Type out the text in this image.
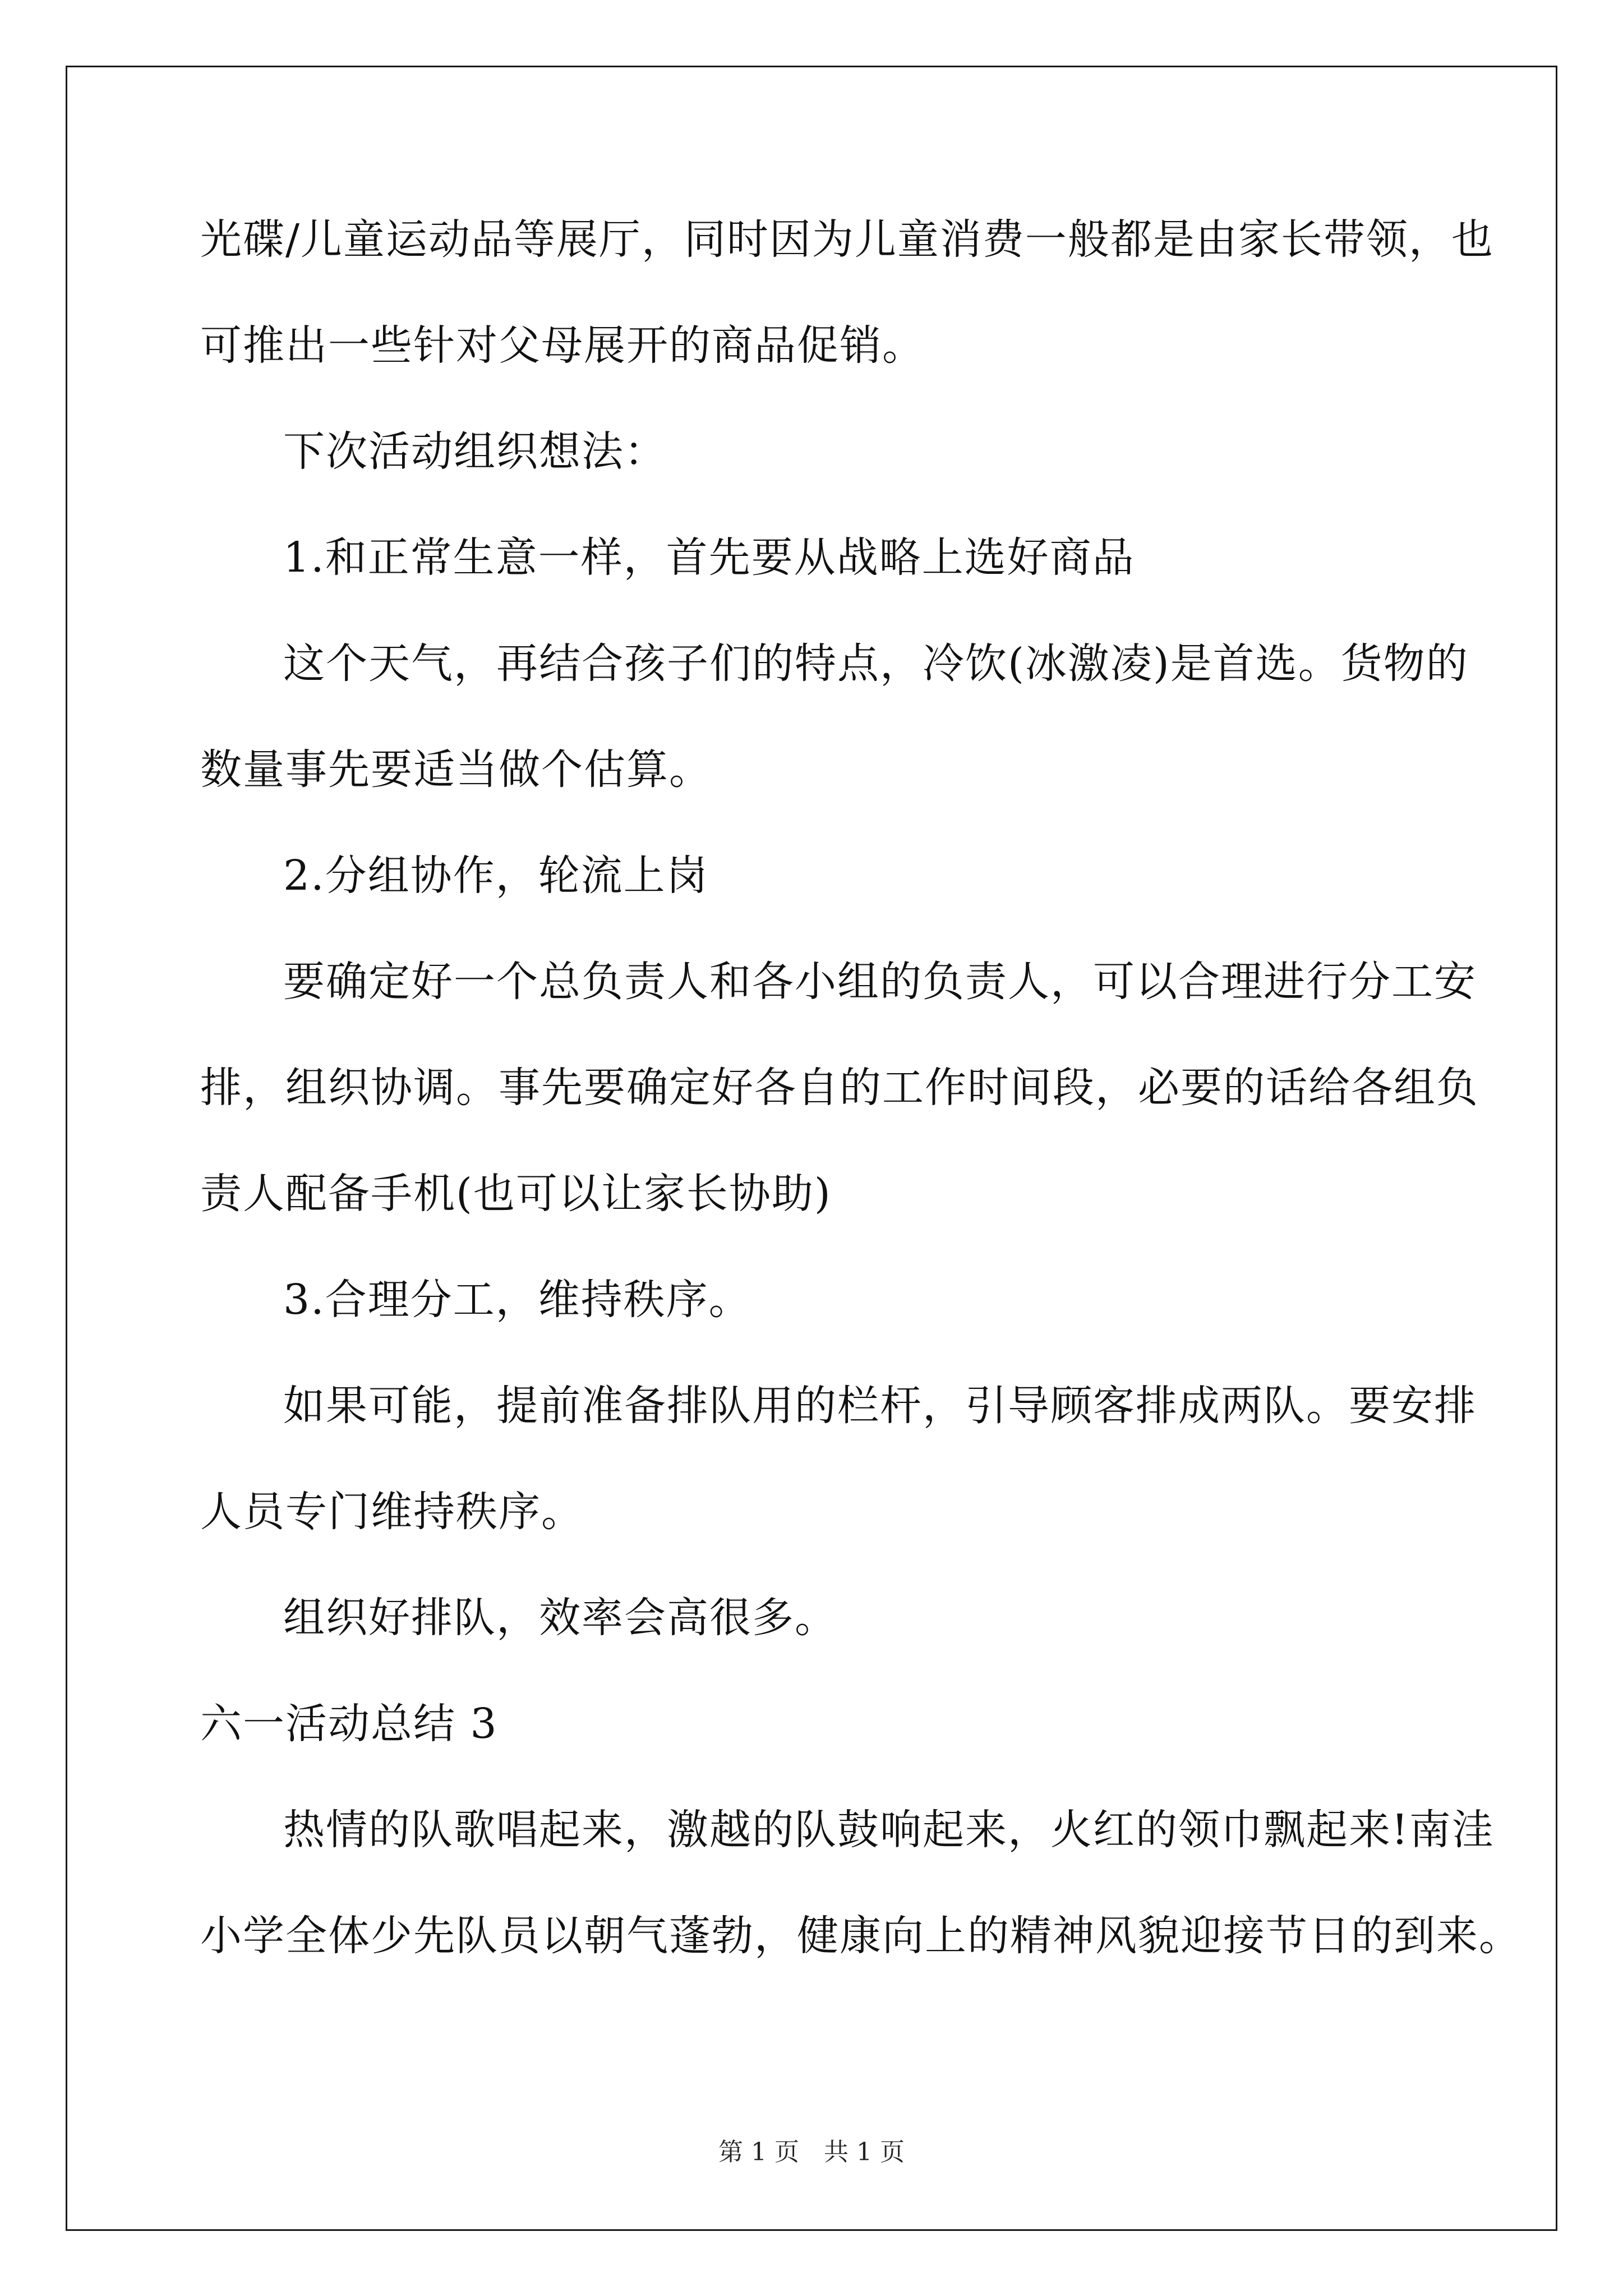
光碟/儿童运动品等展厅，同时因为儿童消费一般都是由家长带领，也
可推出一些针对父母展开的商品促销。
下次活动组织想法：
1.和正常生意一样，首先要从战略上选好商品
这个天气，再结合孩子们的特点，冷饮(冰激凌)是首选。货物的
数量事先要适当做个估算。
2.分组协作，轮流上岗
要确定好一个总负责人和各小组的负责人，可以合理进行分工安
排，组织协调。事先要确定好各自的工作时间段，必要的话给各组负
责人配备手机(也可以让家长协助)
3.合理分工，维持秩序。
如果可能，提前准备排队用的栏杆，引导顾客排成两队。要安排
人员专门维持秩序。
组织好排队，效率会高很多。
六一活动总结 3
热情的队歌唱起来，激越的队鼓响起来，火红的领巾飘起来!南洼
小学全体少先队员以朝气蓬勃，健康向上的精神风貌迎接节日的到来。
第 1 页　共 1 页
